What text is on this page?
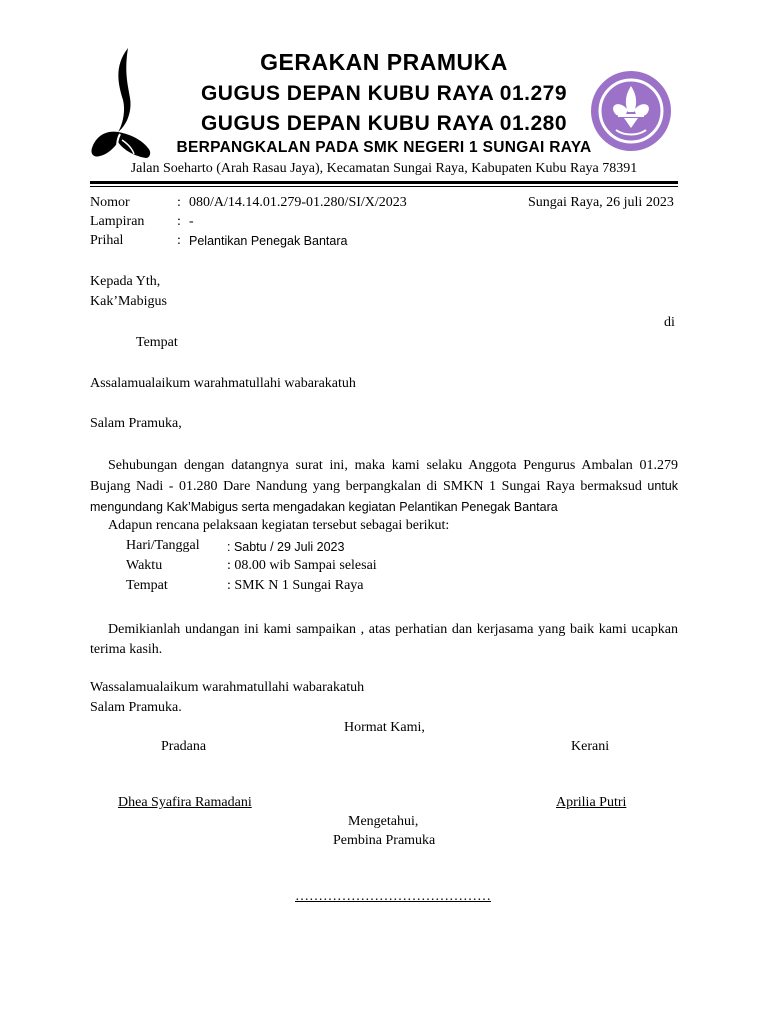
GERAKAN PRAMUKA
GUGUS DEPAN KUBU RAYA 01.279
GUGUS DEPAN KUBU RAYA 01.280
BERPANGKALAN PADA SMK NEGERI 1 SUNGAI RAYA
Jalan Soeharto (Arah Rasau Jaya), Kecamatan Sungai Raya, Kabupaten Kubu Raya 78391
Nomor	: 080/A/14.14.01.279-01.280/SI/X/2023	Sungai Raya, 26 juli 2023
Lampiran : -
Prihal	: Pelantikan Penegak Bantara
Kepada Yth,
Kak’Mabigus
di
Tempat
Assalamualaikum warahmatullahi wabarakatuh
Salam Pramuka,
Sehubungan dengan datangnya surat ini, maka kami selaku Anggota Pengurus Ambalan 01.279 Bujang Nadi - 01.280 Dare Nandung yang berpangkalan di SMKN 1 Sungai Raya bermaksud untuk mengundang Kak’Mabigus serta mengadakan kegiatan Pelantikan Penegak Bantara
Adapun rencana pelaksaan kegiatan tersebut sebagai berikut:
Hari/Tanggal : Sabtu / 29 Juli 2023
Waktu	: 08.00 wib Sampai selesai
Tempat	: SMK N 1 Sungai Raya
Demikianlah undangan ini kami sampaikan , atas perhatian dan kerjasama yang baik kami ucapkan terima kasih.
Wassalamualaikum warahmatullahi wabarakatuh
Salam Pramuka.
Hormat Kami,
Pradana	Kerani
Dhea Syafira Ramadani	Aprilia Putri
Mengetahui,
Pembina Pramuka
……………………………………
